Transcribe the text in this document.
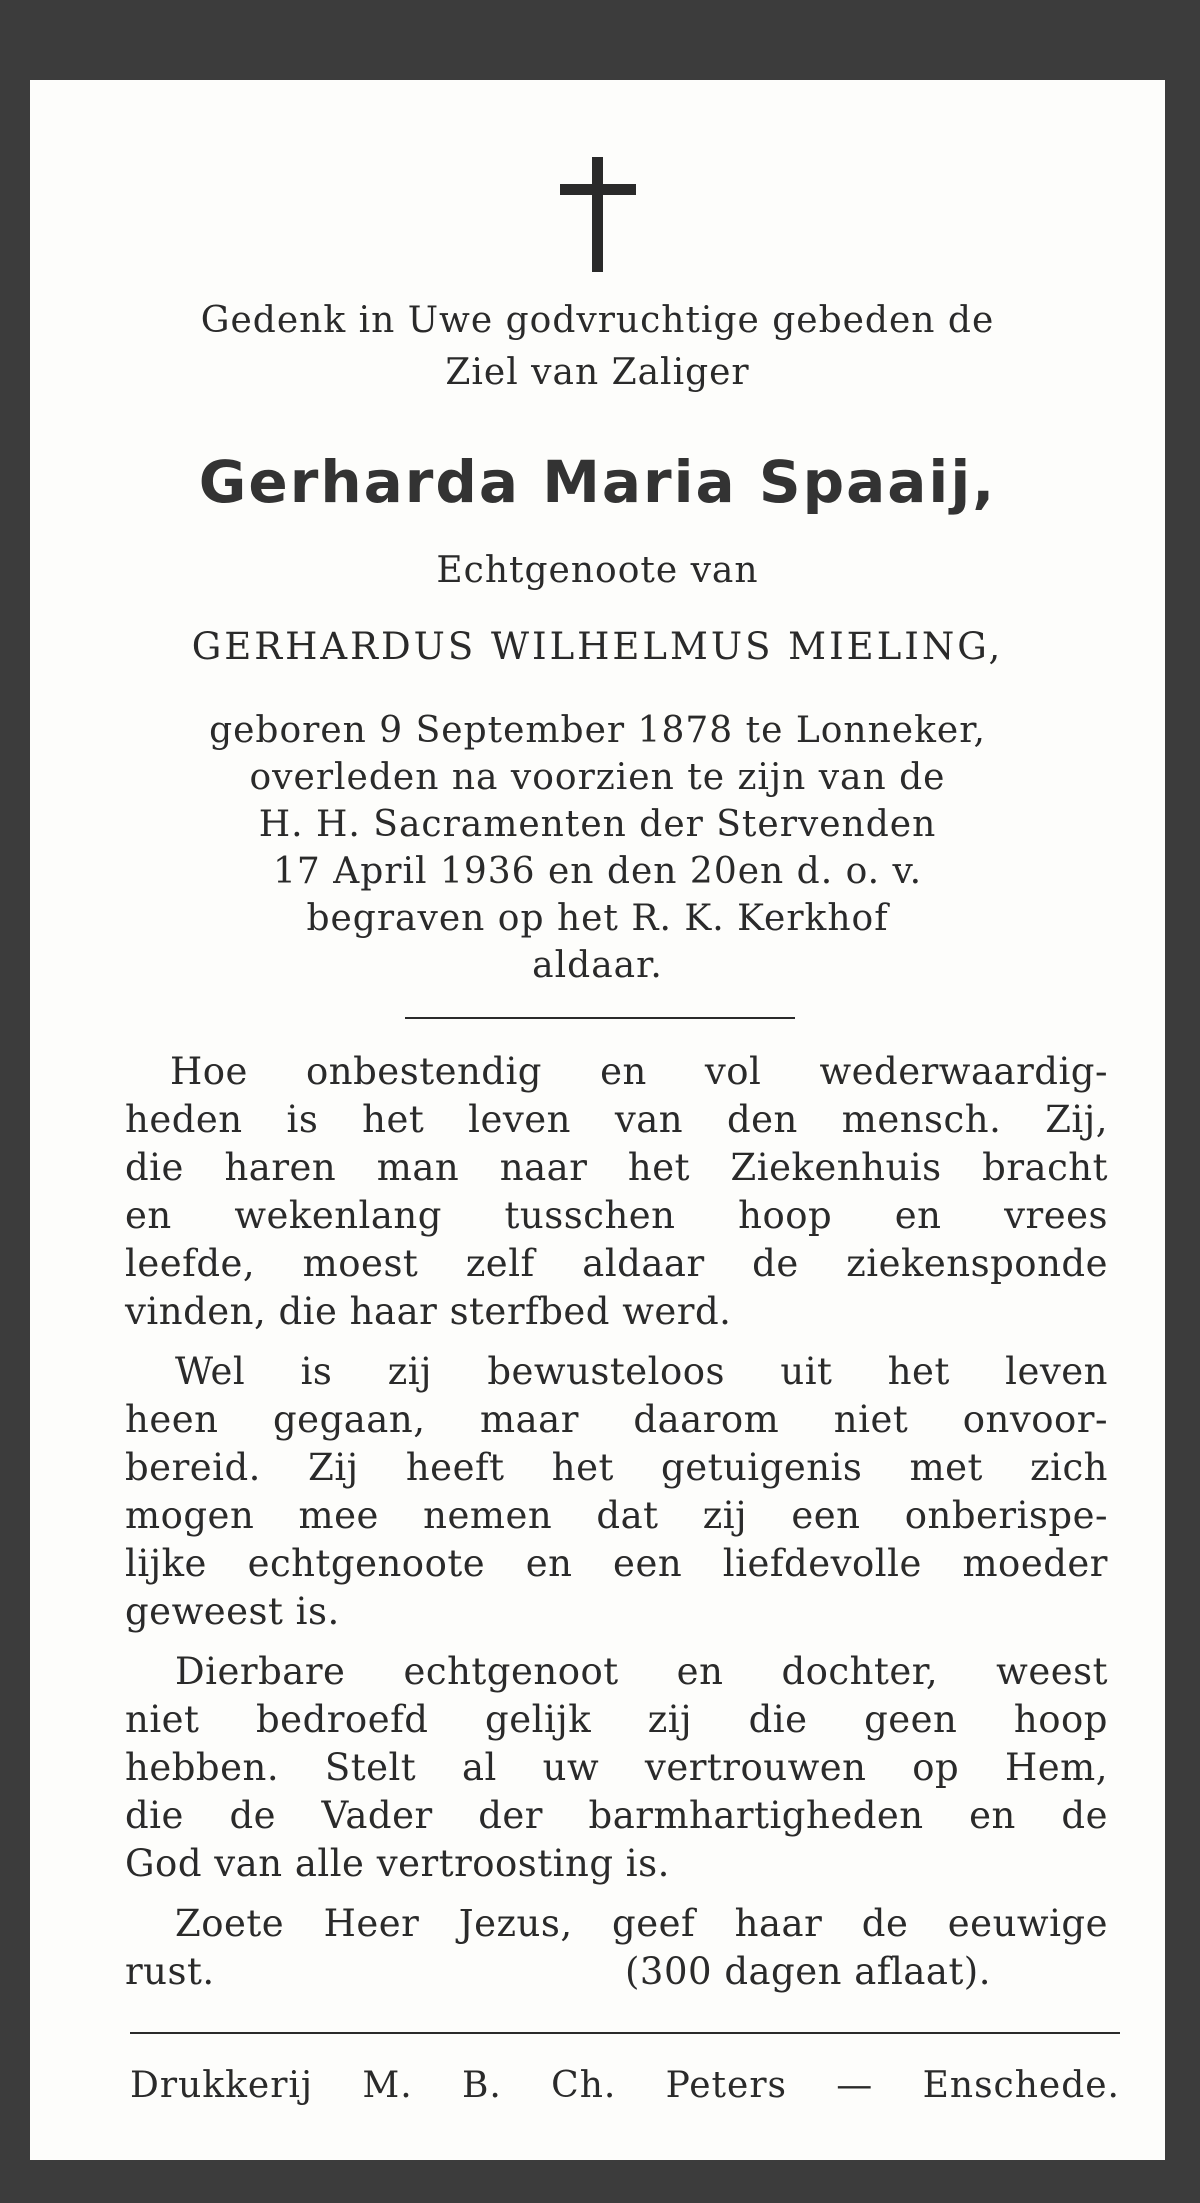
Gedenk in Uwe godvruchtige gebeden de
Ziel van Zaliger
Gerharda Maria Spaaij,
Echtgenoote van
GERHARDUS WILHELMUS MIELING,
geboren 9 September 1878 te Lonneker,
overleden na voorzien te zijn van de
H. H. Sacramenten der Stervenden
17 April 1936 en den 20en d. o. v.
begraven op het R. K. Kerkhof
aldaar.
Hoe onbestendig en vol wederwaardig-
heden is het leven van den mensch. Zij,
die haren man naar het Ziekenhuis bracht
en wekenlang tusschen hoop en vrees
leefde, moest zelf aldaar de ziekensponde
vinden, die haar sterfbed werd.
Wel is zij bewusteloos uit het leven
heen gegaan, maar daarom niet onvoor-
bereid. Zij heeft het getuigenis met zich
mogen mee nemen dat zij een onberispe-
lijke echtgenoote en een liefdevolle moeder
geweest is.
Dierbare echtgenoot en dochter, weest
niet bedroefd gelijk zij die geen hoop
hebben. Stelt al uw vertrouwen op Hem,
die de Vader der barmhartigheden en de
God van alle vertroosting is.
Zoete Heer Jezus, geef haar de eeuwige
rust.	(300 dagen aflaat).
Drukkerij M. B. Ch. Peters — Enschede.
